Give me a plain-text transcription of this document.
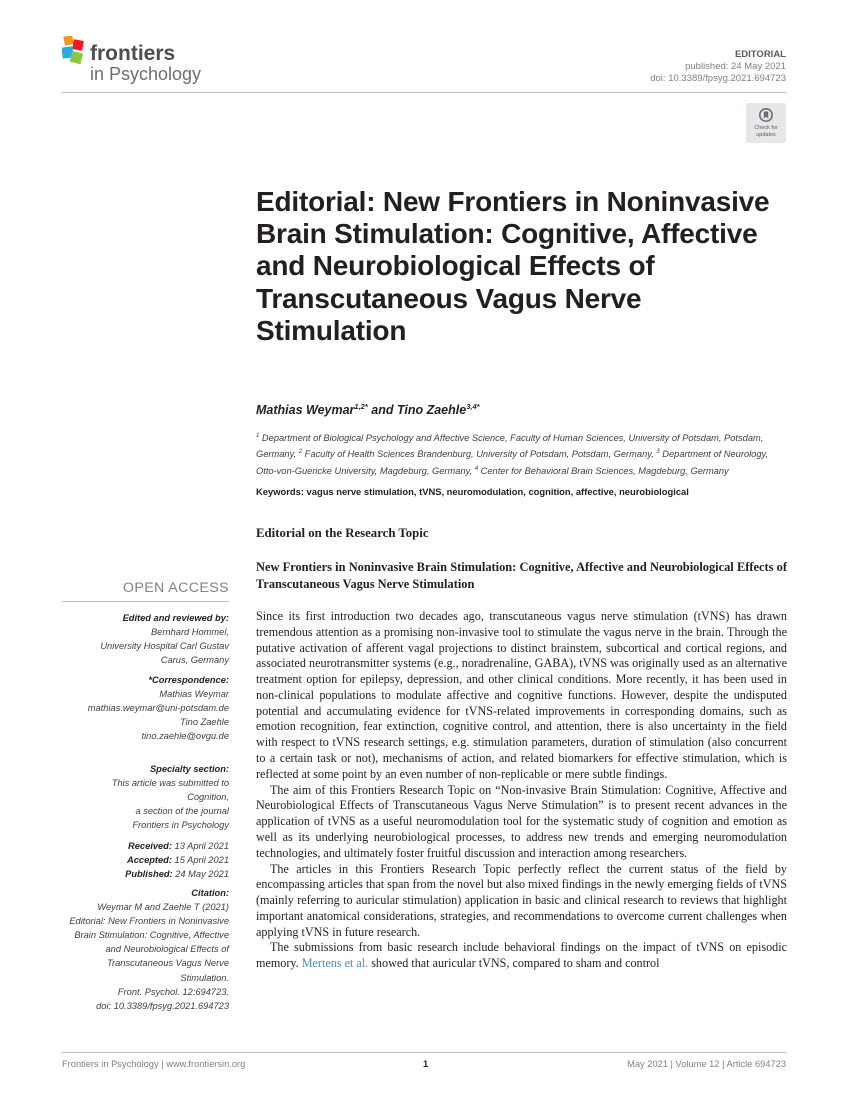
frontiers
in Psychology
EDITORIAL
published: 24 May 2021
doi: 10.3389/fpsyg.2021.694723
Check for updates
Editorial: New Frontiers in Noninvasive Brain Stimulation: Cognitive, Affective and Neurobiological Effects of Transcutaneous Vagus Nerve Stimulation
Mathias Weymar$^{1,2*}$ and Tino Zaehle$^{3,4*}$
$^1$ Department of Biological Psychology and Affective Science, Faculty of Human Sciences, University of Potsdam, Potsdam, Germany, $^2$ Faculty of Health Sciences Brandenburg, University of Potsdam, Potsdam, Germany, $^3$ Department of Neurology, Otto-von-Guericke University, Magdeburg, Germany, $^4$ Center for Behavioral Brain Sciences, Magdeburg, Germany
Keywords: vagus nerve stimulation, tVNS, neuromodulation, cognition, affective, neurobiological
Editorial on the Research Topic
New Frontiers in Noninvasive Brain Stimulation: Cognitive, Affective and Neurobiological Effects of Transcutaneous Vagus Nerve Stimulation
OPEN ACCESS
Edited and reviewed by:
Bernhard Hommel,
University Hospital Carl Gustav
Carus, Germany
*Correspondence:
Mathias Weymar
mathias.weymar@uni-potsdam.de
Tino Zaehle
tino.zaehle@ovgu.de
Specialty section:
This article was submitted to
Cognition,
a section of the journal
Frontiers in Psychology
Received: 13 April 2021
Accepted: 15 April 2021
Published: 24 May 2021
Citation:
Weymar M and Zaehle T (2021)
Editorial: New Frontiers in Noninvasive
Brain Stimulation: Cognitive, Affective
and Neurobiological Effects of
Transcutaneous Vagus Nerve
Stimulation.
Front. Psychol. 12:694723.
doi: 10.3389/fpsyg.2021.694723

Since its first introduction two decades ago, transcutaneous vagus nerve stimulation (tVNS) has drawn tremendous attention as a promising non-invasive tool to stimulate the vagus nerve in the brain. Through the putative activation of afferent vagal projections to distinct brainstem, subcortical and cortical regions, and associated neurotransmitter systems (e.g., noradrenaline, GABA), tVNS was originally used as an alternative treatment option for epilepsy, depression, and other clinical conditions. More recently, it has been used in non-clinical populations to modulate affective and cognitive functions. However, despite the undisputed potential and accumulating evidence for tVNS-related improvements in corresponding domains, such as emotion recognition, fear extinction, cognitive control, and attention, there is also uncertainty in the field with respect to tVNS research settings, e.g. stimulation parameters, duration of stimulation (also concurrent to a certain task or not), mechanisms of action, and related biomarkers for effective stimulation, which is reflected at some point by an even number of non-replicable or mere subtle findings.

The aim of this Frontiers Research Topic on “Non-invasive Brain Stimulation: Cognitive, Affective and Neurobiological Effects of Transcutaneous Vagus Nerve Stimulation” is to present recent advances in the application of tVNS as a useful neuromodulation tool for the systematic study of cognition and emotion as well as its underlying neurobiological processes, to address new trends and emerging neuromodulation technologies, and ultimately foster fruitful discussion and interaction among researchers.

The articles in this Frontiers Research Topic perfectly reflect the current status of the field by encompassing articles that span from the novel but also mixed findings in the newly emerging fields of tVNS (mainly referring to auricular stimulation) application in basic and clinical research to reviews that highlight important anatomical considerations, strategies, and recommendations to overcome current challenges when applying tVNS in future research.

The submissions from basic research include behavioral findings on the impact of tVNS on episodic memory. Mertens et al. showed that auricular tVNS, compared to sham and control

Frontiers in Psychology | www.frontiersin.org	1	May 2021 | Volume 12 | Article 694723
